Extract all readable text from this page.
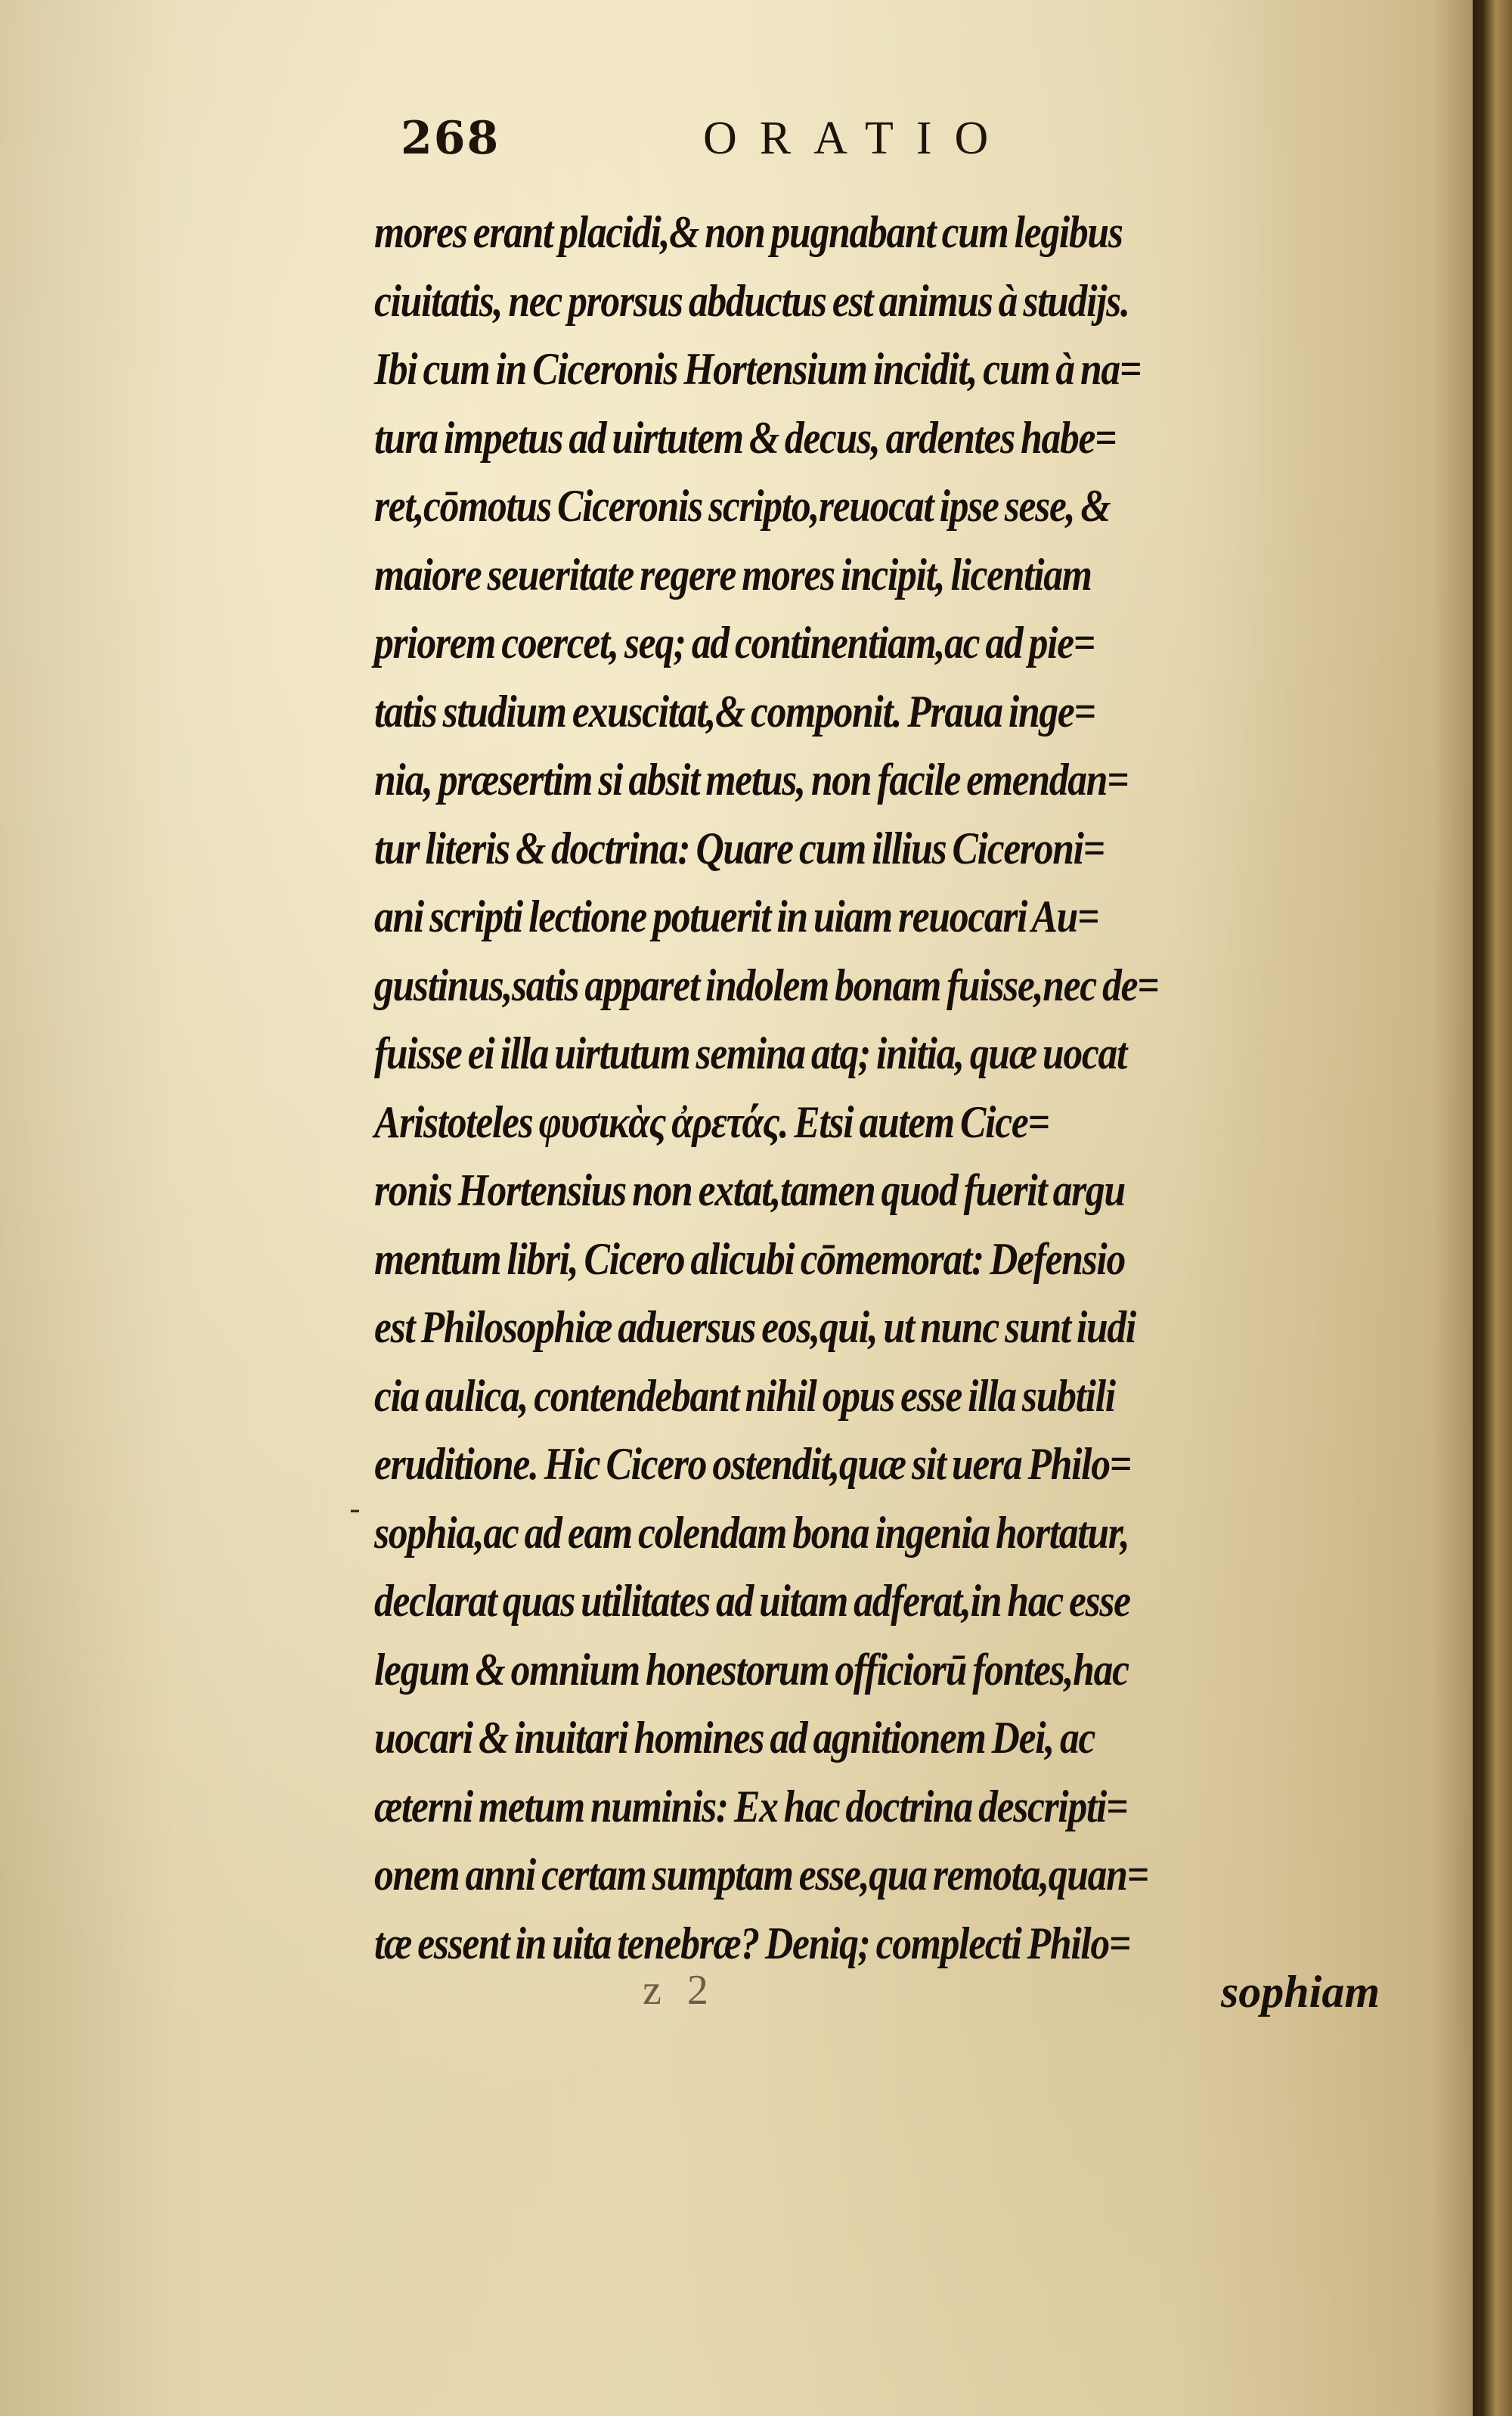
268	ORATIO
-
mores erant placidi,& non pugnabant cum legibus
ciuitatis, nec prorsus abductus est animus à studijs.
Ibi cum in Ciceronis Hortensium incidit, cum à na=
tura impetus ad uirtutem & decus, ardentes habe=
ret,cōmotus Ciceronis scripto,reuocat ipse sese, &
maiore seueritate regere mores incipit, licentiam
priorem coercet, seq; ad continentiam,ac ad pie=
tatis studium exuscitat,& componit. Praua inge=
nia, præsertim si absit metus, non facile emendan=
tur literis & doctrina: Quare cum illius Ciceroni=
ani scripti lectione potuerit in uiam reuocari Au=
gustinus,satis apparet indolem bonam fuisse,nec de=
fuisse ei illa uirtutum semina atq; initia, quæ uocat
Aristoteles φυσικὰς ἀρετάς. Etsi autem Cice=
ronis Hortensius non extat,tamen quod fuerit argu
mentum libri, Cicero alicubi cōmemorat: Defensio
est Philosophiæ aduersus eos,qui, ut nunc sunt iudi
cia aulica, contendebant nihil opus esse illa subtili
eruditione. Hic Cicero ostendit,quæ sit uera Philo=
sophia,ac ad eam colendam bona ingenia hortatur,
declarat quas utilitates ad uitam adferat,in hac esse
legum & omnium honestorum officiorū fontes,hac
uocari & inuitari homines ad agnitionem Dei, ac
æterni metum numinis: Ex hac doctrina descripti=
onem anni certam sumptam esse,qua remota,quan=
tæ essent in uita tenebræ? Deniq; complecti Philo=
z 2	sophiam
